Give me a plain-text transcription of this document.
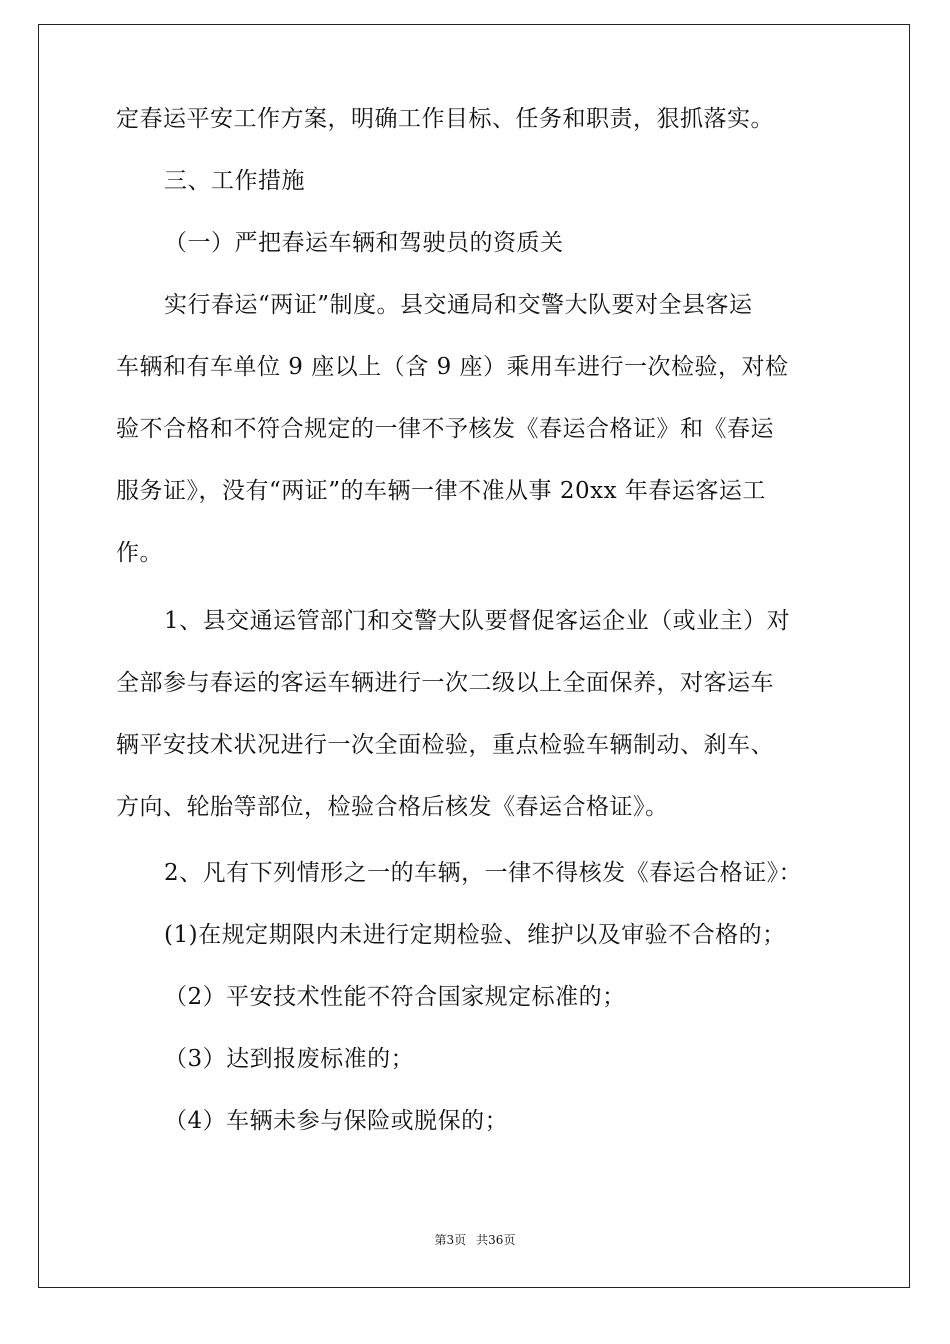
定春运平安工作方案，明确工作目标、任务和职责，狠抓落实。
三、工作措施
（一）严把春运车辆和驾驶员的资质关
实行春运“两证”制度。县交通局和交警大队要对全县客运
车辆和有车单位 9 座以上（含 9 座）乘用车进行一次检验，对检
验不合格和不符合规定的一律不予核发《春运合格证》和《春运
服务证》，没有“两证”的车辆一律不准从事 20xx 年春运客运工
作。
1、县交通运管部门和交警大队要督促客运企业（或业主）对
全部参与春运的客运车辆进行一次二级以上全面保养，对客运车
辆平安技术状况进行一次全面检验，重点检验车辆制动、刹车、
方向、轮胎等部位，检验合格后核发《春运合格证》。
2、凡有下列情形之一的车辆，一律不得核发《春运合格证》：
(1)在规定期限内未进行定期检验、维护以及审验不合格的；
（2）平安技术性能不符合国家规定标准的；
（3）达到报废标准的；
（4）车辆未参与保险或脱保的；
第3页 共36页
